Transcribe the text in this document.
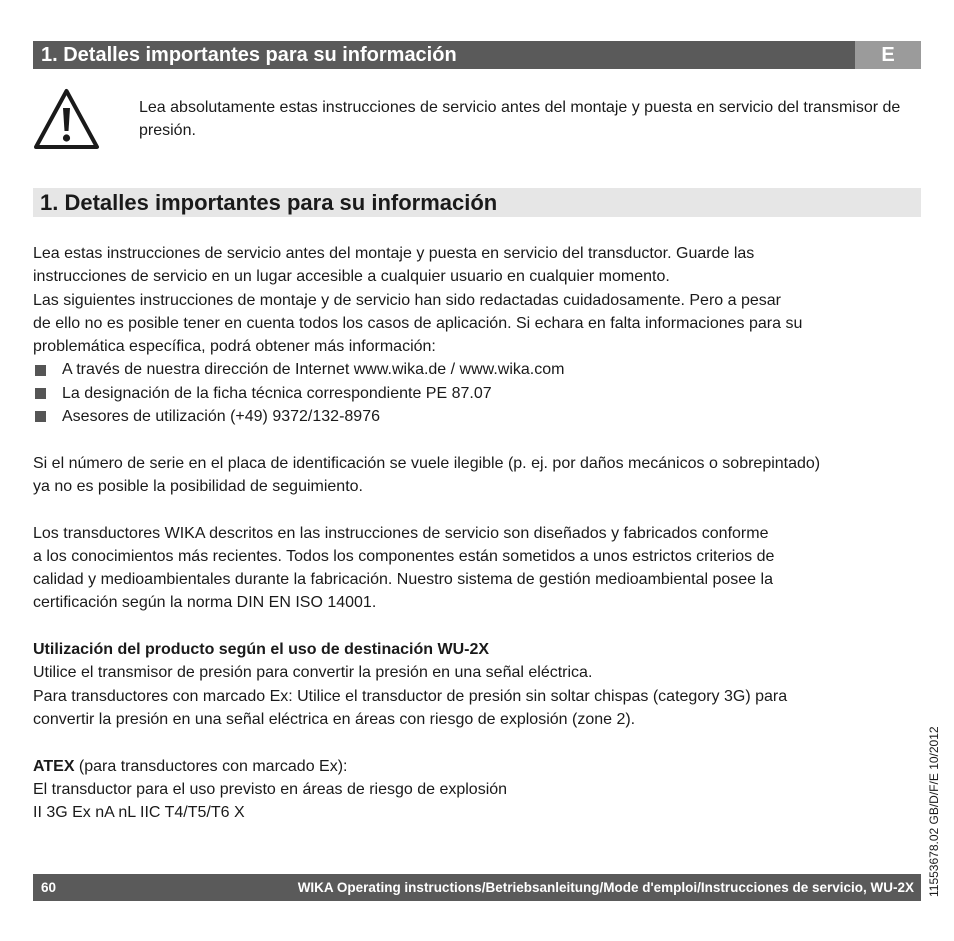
1. Detalles importantes para su información	E
Lea absolutamente estas instrucciones de servicio antes del montaje y puesta en servicio del transmisor de presión.
1. Detalles importantes para su información

Lea estas instrucciones de servicio antes del montaje y puesta en servicio del transductor. Guarde las

instrucciones de servicio en un lugar accesible a cualquier usuario en cualquier momento.

Las siguientes instrucciones de montaje y de servicio han sido redactadas cuidadosamente. Pero a pesar

de ello no es posible tener en cuenta todos los casos de aplicación. Si echara en falta informaciones para su

problemática específica, podrá obtener más información:

A través de nuestra dirección de Internet www.wika.de / www.wika.com
La designación de la ficha técnica correspondiente PE 87.07
Asesores de utilización (+49) 9372/132-8976

Si el número de serie en el placa de identificación se vuele ilegible (p. ej. por daños mecánicos o sobrepintado)

ya no es posible la posibilidad de seguimiento.

Los transductores WIKA descritos en las instrucciones de servicio son diseñados y fabricados conforme

a los conocimientos más recientes. Todos los componentes están sometidos a unos estrictos criterios de

calidad y medioambientales durante la fabricación. Nuestro sistema de gestión medioambiental posee la

certificación según la norma DIN EN ISO 14001.

Utilización del producto según el uso de destinación WU-2X

Utilice el transmisor de presión para convertir la presión en una señal eléctrica.

Para transductores con marcado Ex: Utilice el transductor de presión sin soltar chispas (category 3G) para

convertir la presión en una señal eléctrica en áreas con riesgo de explosión (zone 2).

ATEX (para transductores con marcado Ex):

El transductor para el uso previsto en áreas de riesgo de explosión

II 3G Ex nA nL IIC T4/T5/T6 X	11553678.02 GB/D/F/E 10/2012
60	WIKA Operating instructions/Betriebsanleitung/Mode d'emploi/Instrucciones de servicio, WU-2X
